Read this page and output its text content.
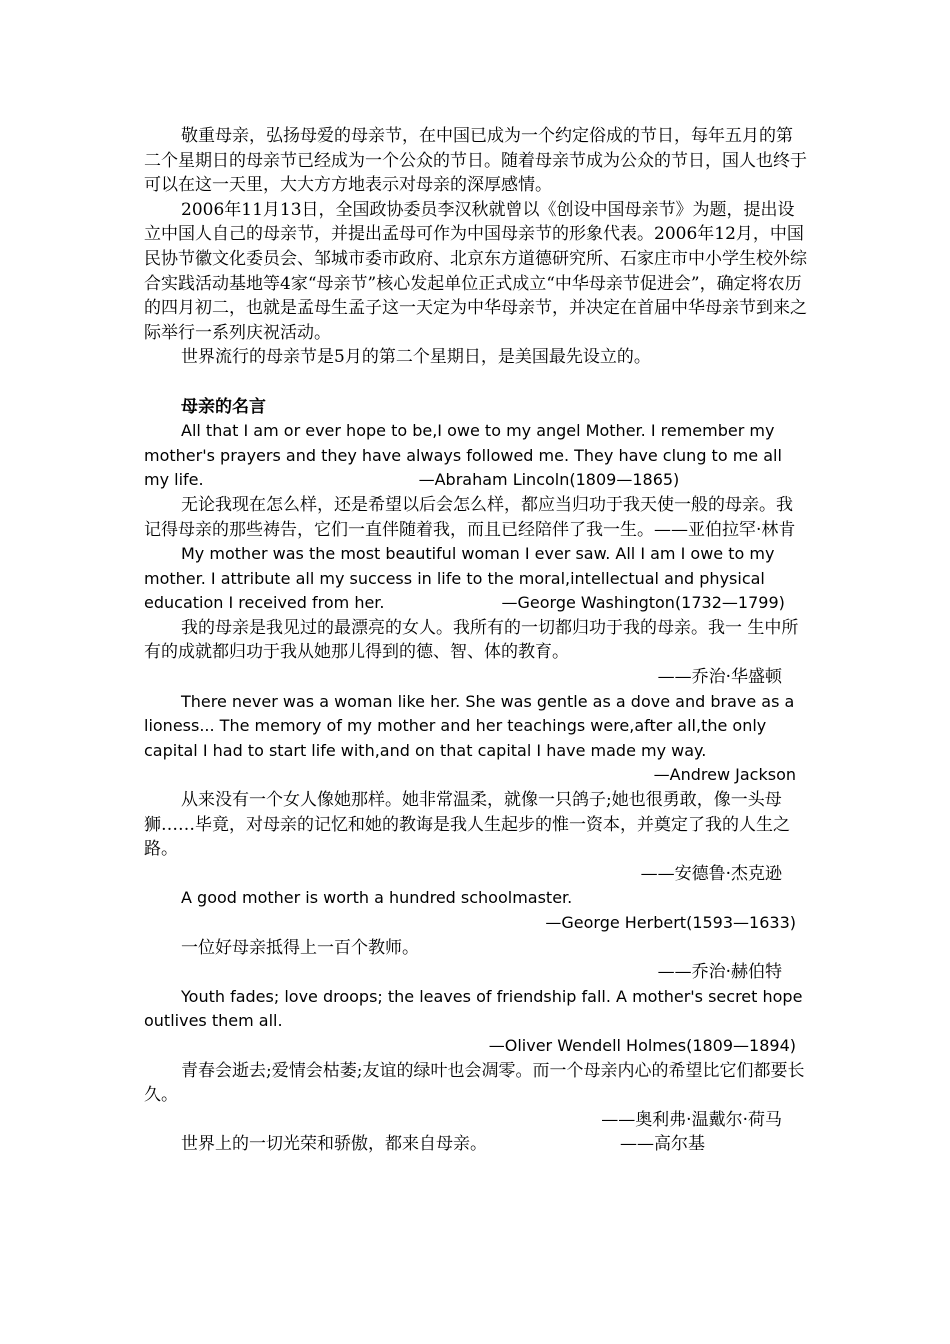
敬重母亲，弘扬母爱的母亲节，在中国已成为一个约定俗成的节日，每年五月的第二个星期日的母亲节已经成为一个公众的节日。随着母亲节成为公众的节日，国人也终于可以在这一天里，大大方方地表示对母亲的深厚感情。

2006年11月13日，全国政协委员李汉秋就曾以《创设中国母亲节》为题，提出设立中国人自己的母亲节，并提出孟母可作为中国母亲节的形象代表。2006年12月，中国民协节徽文化委员会、邹城市委市政府、北京东方道德研究所、石家庄市中小学生校外综合实践活动基地等4家“母亲节”核心发起单位正式成立“中华母亲节促进会”，确定将农历的四月初二，也就是孟母生孟子这一天定为中华母亲节，并决定在首届中华母亲节到来之际举行一系列庆祝活动。

世界流行的母亲节是5月的第二个星期日，是美国最先设立的。

母亲的名言

All that I am or ever hope to be,I owe to my angel Mother. I remember my mother's prayers and they have always followed me. They have clung to me all my life.	—Abraham Lincoln(1809—1865)

无论我现在怎么样，还是希望以后会怎么样，都应当归功于我天使一般的母亲。我记得母亲的那些祷告，它们一直伴随着我，而且已经陪伴了我一生。——亚伯拉罕·林肯

My mother was the most beautiful woman I ever saw. All I am I owe to my mother. I attribute all my success in life to the moral,intellectual and physical education I received from her.	—George Washington(1732—1799)

我的母亲是我见过的最漂亮的女人。我所有的一切都归功于我的母亲。我一 生中所有的成就都归功于我从她那儿得到的德、智、体的教育。

——乔治·华盛顿

There never was a woman like her. She was gentle as a dove and brave as a lioness... The memory of my mother and her teachings were,after all,the only capital I had to start life with,and on that capital I have made my way.

—Andrew Jackson

从来没有一个女人像她那样。她非常温柔，就像一只鸽子;她也很勇敢，像一头母狮……毕竟，对母亲的记忆和她的教诲是我人生起步的惟一资本，并奠定了我的人生之路。

——安德鲁·杰克逊

A good mother is worth a hundred schoolmaster.

—George Herbert(1593—1633)

一位好母亲抵得上一百个教师。

——乔治·赫伯特

Youth fades; love droops; the leaves of friendship fall. A mother's secret hope outlives them all.

—Oliver Wendell Holmes(1809—1894)

青春会逝去;爱情会枯萎;友谊的绿叶也会凋零。而一个母亲内心的希望比它们都要长久。

——奥利弗·温戴尔·荷马

世界上的一切光荣和骄傲，都来自母亲。	——高尔基
